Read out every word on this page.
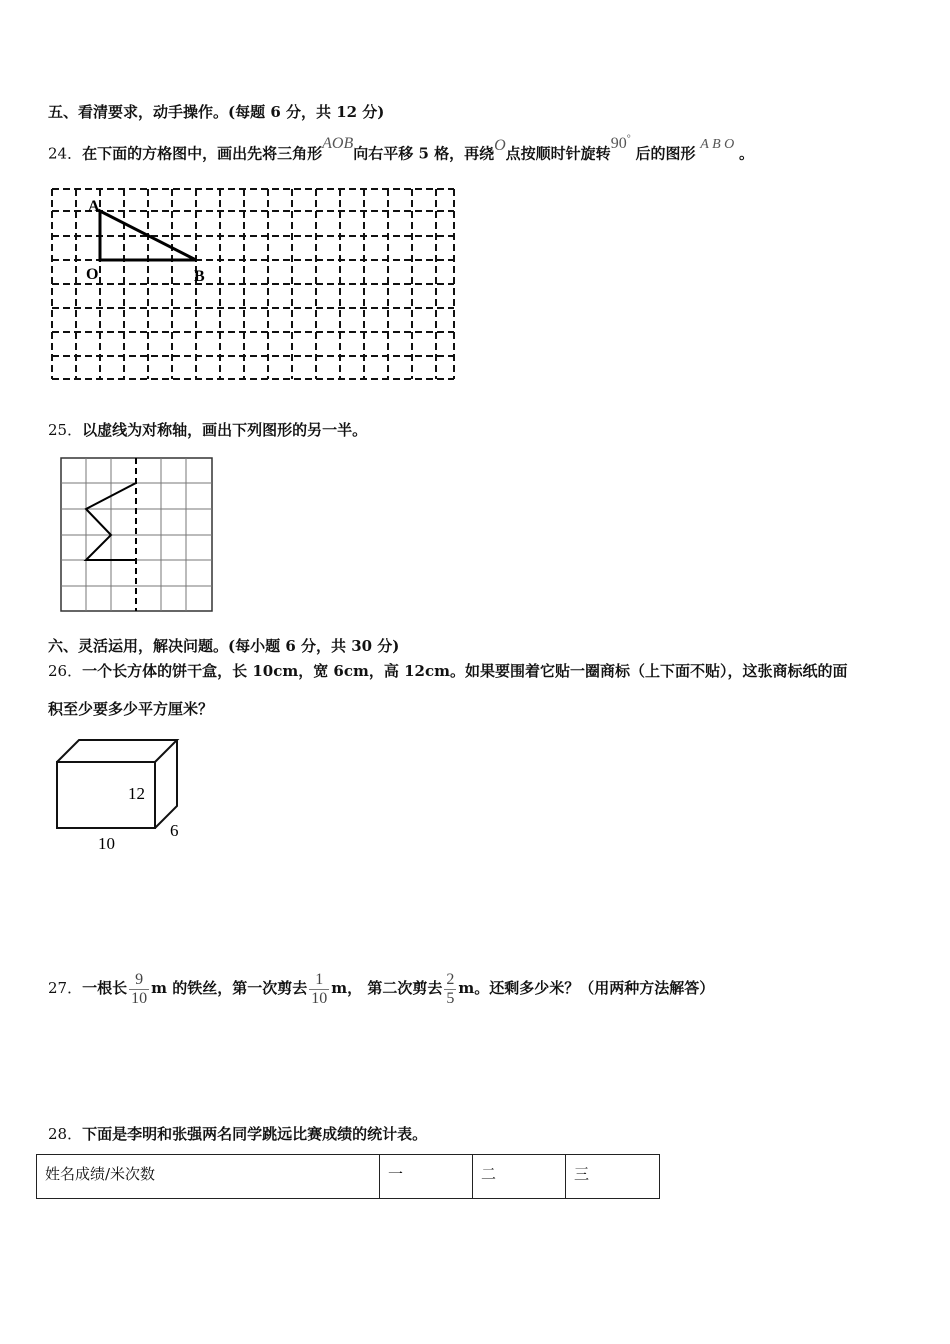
五、看清要求，动手操作。(每题 6 分，共 12 分)
24．在下面的方格图中，画出先将三角形AOB向右平移 5 格，再绕O点按顺时针旋转90° 后的图形 A B O 。
A
O	B
25．以虚线为对称轴，画出下列图形的另一半。
六、灵活运用，解决问题。(每小题 6 分，共 30 分)
26．一个长方体的饼干盒，长 10cm，宽 6cm，高 12cm。如果要围着它贴一圈商标（上下面不贴），这张商标纸的面
积至少要多少平方厘米？
12
6
10
27．一根长 $\frac{9}{10}$ m 的铁丝，第一次剪去 $\frac{1}{10}$ m， 第二次剪去 $\frac{2}{5}$ m。还剩多少米？（用两种方法解答）
28．下面是李明和张强两名同学跳远比赛成绩的统计表。
姓名成绩/米次数	一	二	三
